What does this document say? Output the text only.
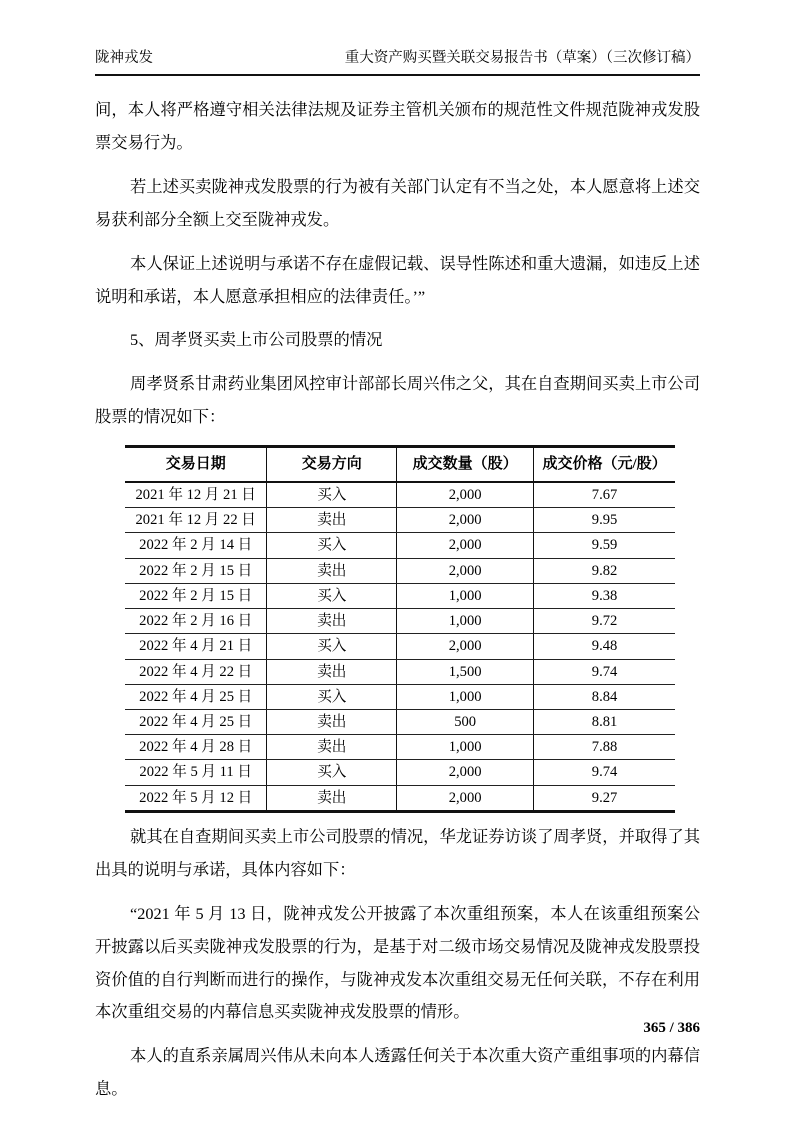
陇神戎发	重大资产购买暨关联交易报告书（草案）（三次修订稿）

间，本人将严格遵守相关法律法规及证券主管机关颁布的规范性文件规范陇神戎发股票交易行为。

若上述买卖陇神戎发股票的行为被有关部门认定有不当之处，本人愿意将上述交易获利部分全额上交至陇神戎发。

本人保证上述说明与承诺不存在虚假记载、误导性陈述和重大遗漏，如违反上述说明和承诺，本人愿意承担相应的法律责任。’”

5、周孝贤买卖上市公司股票的情况

周孝贤系甘肃药业集团风控审计部部长周兴伟之父，其在自查期间买卖上市公司股票的情况如下：

交易日期	交易方向	成交数量（股）	成交价格（元/股）
2021 年 12 月 21 日	买入	2,000	7.67
2021 年 12 月 22 日	卖出	2,000	9.95
2022 年 2 月 14 日	买入	2,000	9.59
2022 年 2 月 15 日	卖出	2,000	9.82
2022 年 2 月 15 日	买入	1,000	9.38
2022 年 2 月 16 日	卖出	1,000	9.72
2022 年 4 月 21 日	买入	2,000	9.48
2022 年 4 月 22 日	卖出	1,500	9.74
2022 年 4 月 25 日	买入	1,000	8.84
2022 年 4 月 25 日	卖出	500	8.81
2022 年 4 月 28 日	卖出	1,000	7.88
2022 年 5 月 11 日	买入	2,000	9.74
2022 年 5 月 12 日	卖出	2,000	9.27

就其在自查期间买卖上市公司股票的情况，华龙证券访谈了周孝贤，并取得了其出具的说明与承诺，具体内容如下：

“2021 年 5 月 13 日，陇神戎发公开披露了本次重组预案，本人在该重组预案公开披露以后买卖陇神戎发股票的行为，是基于对二级市场交易情况及陇神戎发股票投资价值的自行判断而进行的操作，与陇神戎发本次重组交易无任何关联，不存在利用本次重组交易的内幕信息买卖陇神戎发股票的情形。

本人的直系亲属周兴伟从未向本人透露任何关于本次重大资产重组事项的内幕信息。

365 / 386
